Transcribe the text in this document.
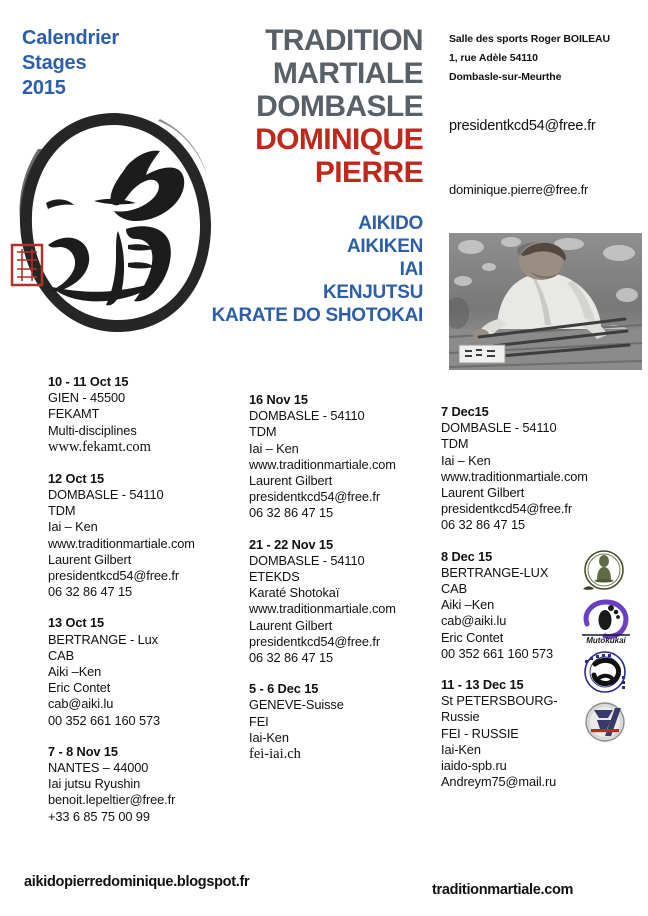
Calendrier
Stages
2015
TRADITION
MARTIALE
DOMBASLE
DOMINIQUE
PIERRE
AIKIDO
AIKIKEN
IAI
KENJUTSU
KARATE DO SHOTOKAI
Salle des sports Roger BOILEAU
1, rue Adèle 54110
Dombasle-sur-Meurthe
presidentkcd54@free.fr
dominique.pierre@free.fr
10 - 11 Oct 15
GIEN - 45500
FEKAMT
Multi-disciplines
www.fekamt.com
12 Oct 15
DOMBASLE - 54110
TDM
Iai – Ken
www.traditionmartiale.com
Laurent Gilbert
presidentkcd54@free.fr
06 32 86 47 15
13 Oct 15
BERTRANGE - Lux
CAB
Aiki –Ken
Eric Contet
cab@aiki.lu
00 352 661 160 573
7 - 8 Nov 15
NANTES – 44000
Iai jutsu Ryushin
benoit.lepeltier@free.fr
+33 6 85 75 00 99
16 Nov 15
DOMBASLE - 54110
TDM
Iai – Ken
www.traditionmartiale.com
Laurent Gilbert
presidentkcd54@free.fr
06 32 86 47 15
21 - 22 Nov 15
DOMBASLE - 54110
ETEKDS
Karaté Shotokaï
www.traditionmartiale.com
Laurent Gilbert
presidentkcd54@free.fr
06 32 86 47 15
5 - 6 Dec 15
GENEVE-Suisse
FEI
Iai-Ken
fei-iai.ch
7 Dec15
DOMBASLE - 54110
TDM
Iai – Ken
www.traditionmartiale.com
Laurent Gilbert
presidentkcd54@free.fr
06 32 86 47 15
8 Dec 15
BERTRANGE-LUX
CAB
Aiki –Ken
cab@aiki.lu
Eric Contet
00 352 661 160 573
11 - 13 Dec 15
St PETERSBOURG-
Russie
FEI - RUSSIE
Iai-Ken
iaido-spb.ru
Andreym75@mail.ru
Mutokukai
aikidopierredominique.blogspot.fr	traditionmartiale.com
